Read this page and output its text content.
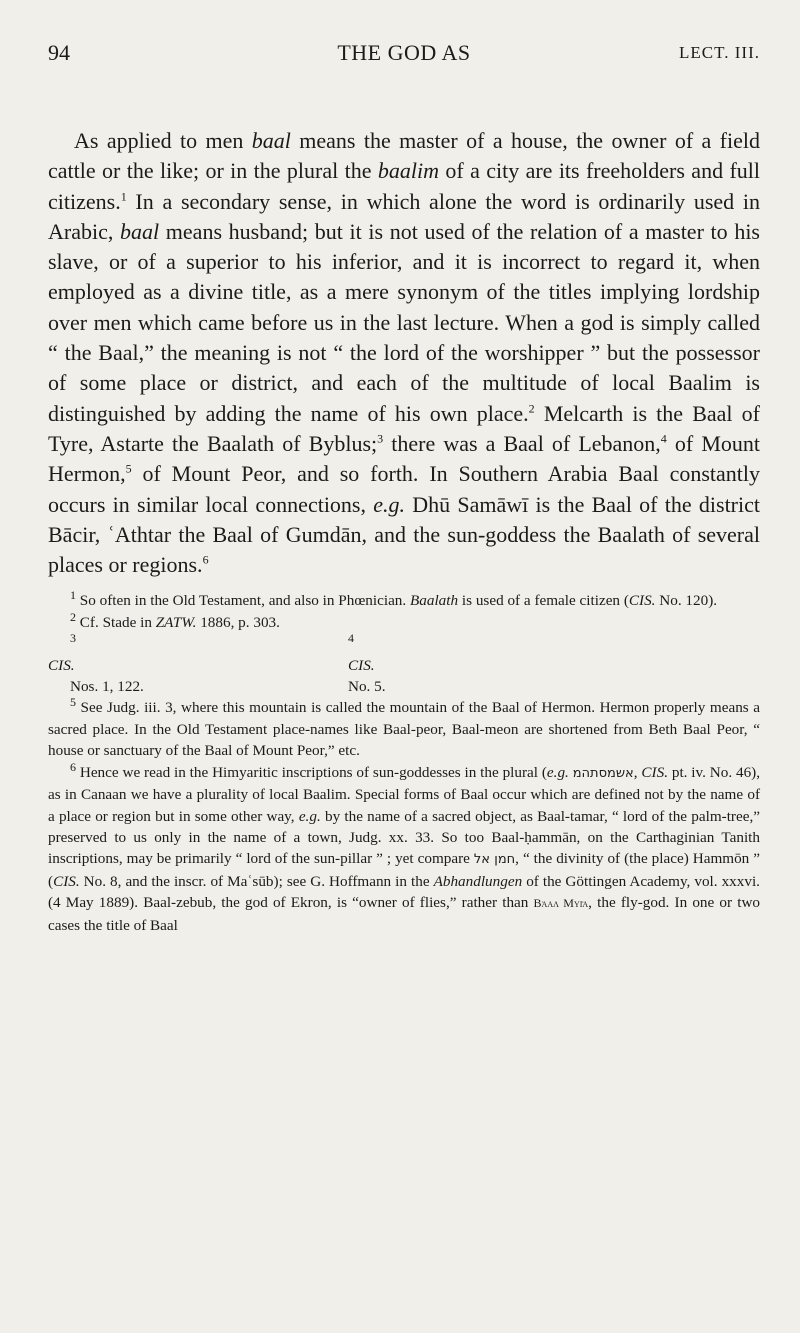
94	THE GOD AS	LECT. III.

As applied to men baal means the master of a house, the owner of a field cattle or the like; or in the plural the baalim of a city are its freeholders and full citizens.$^1$ In a secondary sense, in which alone the word is ordinarily used in Arabic, baal means husband; but it is not used of the relation of a master to his slave, or of a superior to his inferior, and it is incorrect to regard it, when employed as a divine title, as a mere synonym of the titles implying lordship over men which came before us in the last lecture. When a god is simply called “ the Baal,” the meaning is not “ the lord of the worshipper ” but the possessor of some place or district, and each of the multitude of local Baalim is distinguished by adding the name of his own place.$^2$ Melcarth is the Baal of Tyre, Astarte the Baalath of Byblus;$^3$ there was a Baal of Lebanon,$^4$ of Mount Hermon,$^5$ of Mount Peor, and so forth. In Southern Arabia Baal constantly occurs in similar local connections, e.g. Dhū Samāwī is the Baal of the district Bācir, ʿAthtar the Baal of Gumdān, and the sun-goddess the Baalath of several places or regions.$^6$

$^1$ So often in the Old Testament, and also in Phœnician. Baalath is used of a female citizen (CIS. No. 120).

$^2$ Cf. Stade in ZATW. 1886, p. 303.

$^3$
CIS.
Nos. 1, 122.
$^4$
CIS.
No. 5.

$^5$ See Judg. iii. 3, where this mountain is called the mountain of the Baal of Hermon. Hermon properly means a sacred place. In the Old Testament place-names like Baal-peor, Baal-meon are shortened from Beth Baal Peor, “ house or sanctuary of the Baal of Mount Peor,” etc.

$^6$ Hence we read in the Himyaritic inscriptions of sun-goddesses in the plural (e.g. אשמסתהמ, CIS. pt. iv. No. 46), as in Canaan we have a plurality of local Baalim. Special forms of Baal occur which are defined not by the name of a place or region but in some other way, e.g. by the name of a sacred object, as Baal-tamar, “ lord of the palm-tree,” preserved to us only in the name of a town, Judg. xx. 33. So too Baal-ḥammān, on the Carthaginian Tanith inscriptions, may be primarily “ lord of the sun-pillar ” ; yet compare חמן אל, “ the divinity of (the place) Hammōn ” (CIS. No. 8, and the inscr. of Maʿsūb); see G. Hoffmann in the Abhandlungen of the Göttingen Academy, vol. xxxvi. (4 May 1889). Baal-zebub, the god of Ekron, is “owner of flies,” rather than Βάαλ Μυῖα, the fly-god. In one or two cases the title of Baal
